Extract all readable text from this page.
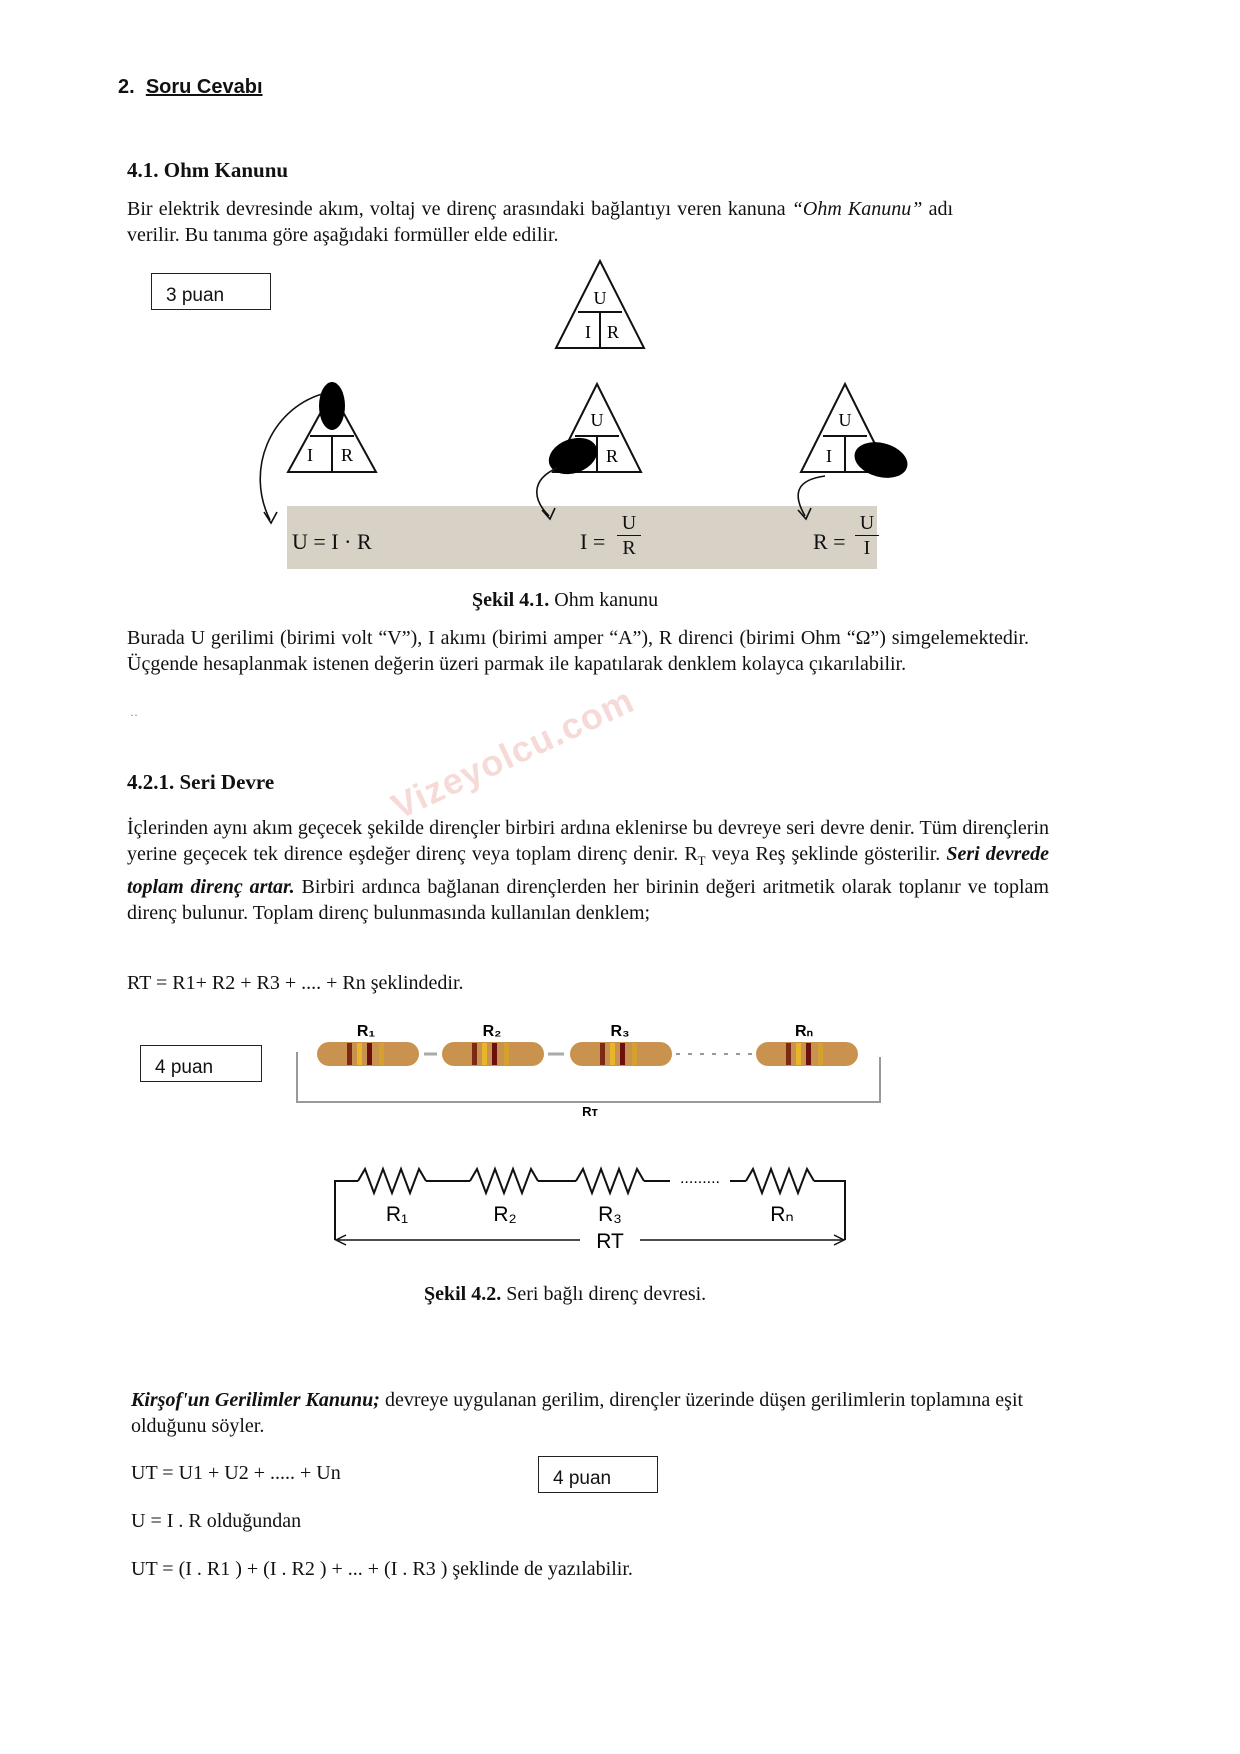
2. Soru Cevabı
4.1. Ohm Kanunu
Bir elektrik devresinde akım, voltaj ve direnç arasındaki bağlantıyı veren kanuna “Ohm Kanunu” adı verilir. Bu tanıma göre aşağıdaki formüller elde edilir.
3 puan	U
I R
I R
U
R
U
I
U = I · R	$I = \frac{U}{R}$	$R = \frac{U}{I}$
Şekil 4.1. Ohm kanunu
Burada U gerilimi (birimi volt “V”), I akımı (birimi amper “A”), R direnci (birimi Ohm “Ω”) simgelemektedir. Üçgende hesaplanmak istenen değerin üzeri parmak ile kapatılarak denklem kolayca çıkarılabilir.
··
4.2.1. Seri Devre	Vizeyolcu.com
İçlerinden aynı akım geçecek şekilde dirençler birbiri ardına eklenirse bu devreye seri devre denir. Tüm dirençlerin yerine geçecek tek dirence eşdeğer direnç veya toplam direnç denir. $R_T$ veya Reş şeklinde gösterilir. Seri devrede toplam direnç artar. Birbiri ardınca bağlanan dirençlerden her birinin değeri aritmetik olarak toplanır ve toplam direnç bulunur. Toplam direnç bulunmasında kullanılan denklem;
RT = R1+ R2 + R3 + .... + Rn şeklindedir.
4 puan
R₁	R₂	R₃	Rₙ
Rт
.........
R₁	R₂	R₃	Rₙ
RT
Şekil 4.2. Seri bağlı direnç devresi.
Kirşof'un Gerilimler Kanunu; devreye uygulanan gerilim, dirençler üzerinde düşen gerilimlerin toplamına eşit olduğunu söyler.
UT = U1 + U2 + ..... + Un	4 puan
U = I . R olduğundan
UT = (I . R1 ) + (I . R2 ) + ... + (I . R3 ) şeklinde de yazılabilir.
